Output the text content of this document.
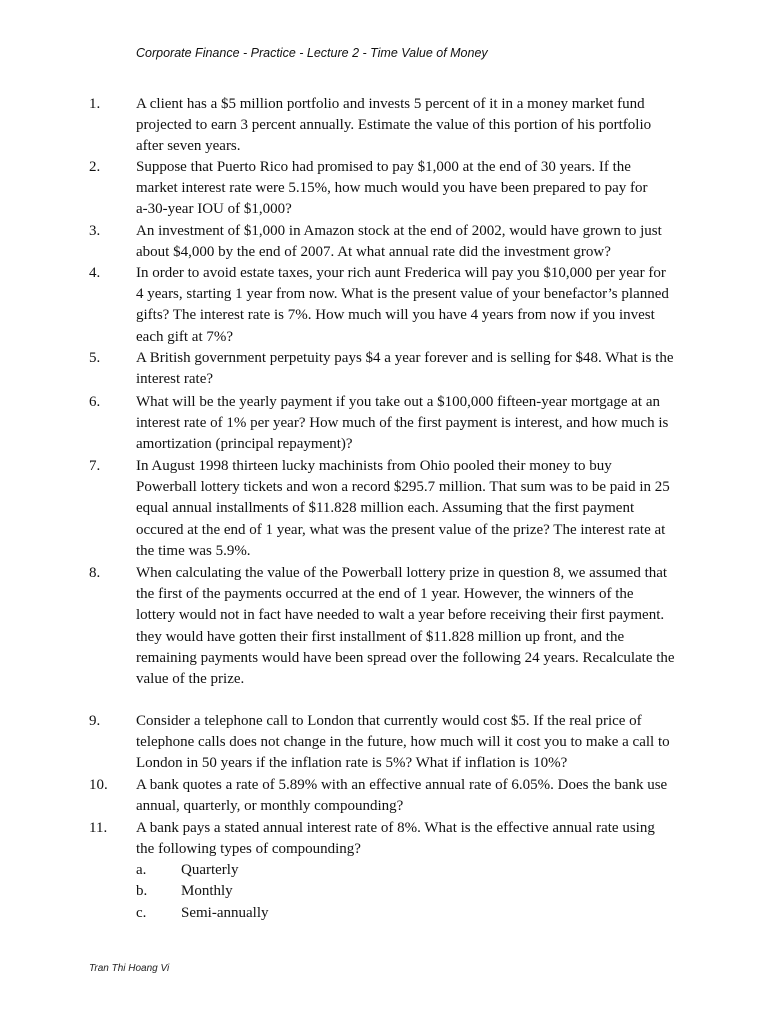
Corporate Finance - Practice - Lecture 2 - Time Value of Money
1. A client has a $5 million portfolio and invests 5 percent of it in a money market fund
projected to earn 3 percent annually. Estimate the value of this portion of his portfolio
after seven years.
2. Suppose that Puerto Rico had promised to pay $1,000 at the end of 30 years. If the
market interest rate were 5.15%, how much would you have been prepared to pay for
a-30-year IOU of $1,000?
3. An investment of $1,000 in Amazon stock at the end of 2002, would have grown to just
about $4,000 by the end of 2007. At what annual rate did the investment grow?
4. In order to avoid estate taxes, your rich aunt Frederica will pay you $10,000 per year for
4 years, starting 1 year from now. What is the present value of your benefactor’s planned
gifts? The interest rate is 7%. How much will you have 4 years from now if you invest
each gift at 7%?
5. A British government perpetuity pays $4 a year forever and is selling for $48. What is the
interest rate?
6. What will be the yearly payment if you take out a $100,000 fifteen-year mortgage at an
interest rate of 1% per year? How much of the first payment is interest, and how much is
amortization (principal repayment)?
7. In August 1998 thirteen lucky machinists from Ohio pooled their money to buy
Powerball lottery tickets and won a record $295.7 million. That sum was to be paid in 25
equal annual installments of $11.828 million each. Assuming that the first payment
occured at the end of 1 year, what was the present value of the prize? The interest rate at
the time was 5.9%.
8. When calculating the value of the Powerball lottery prize in question 8, we assumed that
the first of the payments occurred at the end of 1 year. However, the winners of the
lottery would not in fact have needed to walt a year before receiving their first payment.
they would have gotten their first installment of $11.828 million up front, and the
remaining payments would have been spread over the following 24 years. Recalculate the
value of the prize.
9. Consider a telephone call to London that currently would cost $5. If the real price of
telephone calls does not change in the future, how much will it cost you to make a call to
London in 50 years if the inflation rate is 5%? What if inflation is 10%?
10. A bank quotes a rate of 5.89% with an effective annual rate of 6.05%. Does the bank use
annual, quarterly, or monthly compounding?
11. A bank pays a stated annual interest rate of 8%. What is the effective annual rate using
the following types of compounding?
a. Quarterly
b. Monthly
c. Semi-annually
Tran Thi Hoang Vi
